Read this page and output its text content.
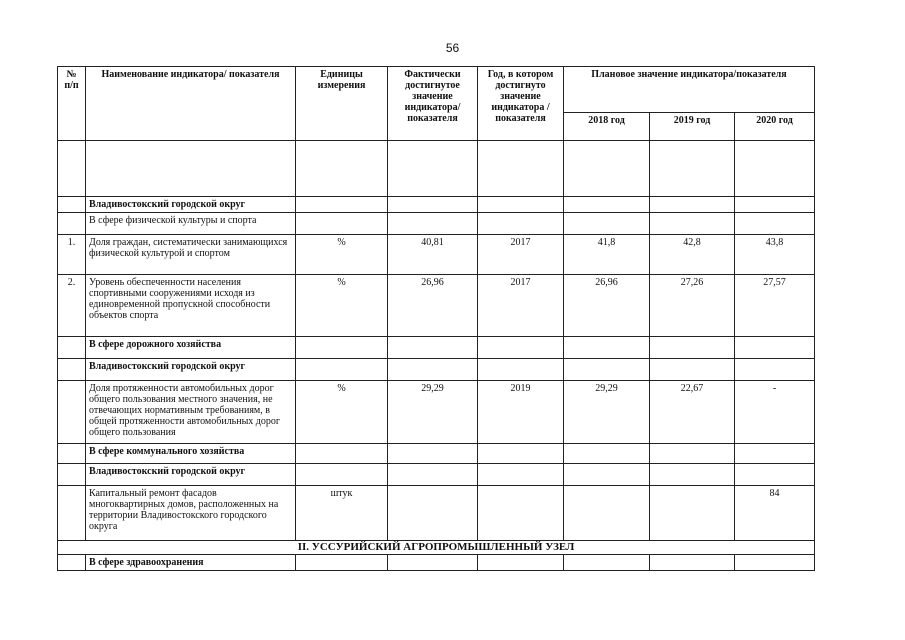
56
№ п/п	Наименование индикатора/ показателя	Единицы измерения	Фактически достигнутое значение индикатора/ показателя	Год, в котором достигнуто значение индикатора /показателя	Плановое значение индикатора/показателя		
					2018 год	2019 год	2020 год

	Владивостокский городской округ						
	В сфере физической культуры и спорта						
1.	Доля граждан, систематически занимающихся физической культурой и спортом	%	40,81	2017	41,8	42,8	43,8
2.	Уровень обеспеченности населения спортивными сооружениями исходя из единовременной пропускной способности объектов спорта	%	26,96	2017	26,96	27,26	27,57
	В сфере дорожного хозяйства						
	Владивостокский городской округ						
	Доля протяженности автомобильных дорог общего пользования местного значения, не отвечающих нормативным требованиям, в общей протяженности автомобильных дорог общего пользования	%	29,29	2019	29,29	22,67	-
	В сфере коммунального хозяйства						
	Владивостокский городской округ						
	Капитальный ремонт фасадов многоквартирных домов, расположенных на территории Владивостокского городского округа	штук					84
II. УССУРИЙСКИЙ АГРОПРОМЫШЛЕННЫЙ УЗЕЛ							
	В сфере здравоохранения						
